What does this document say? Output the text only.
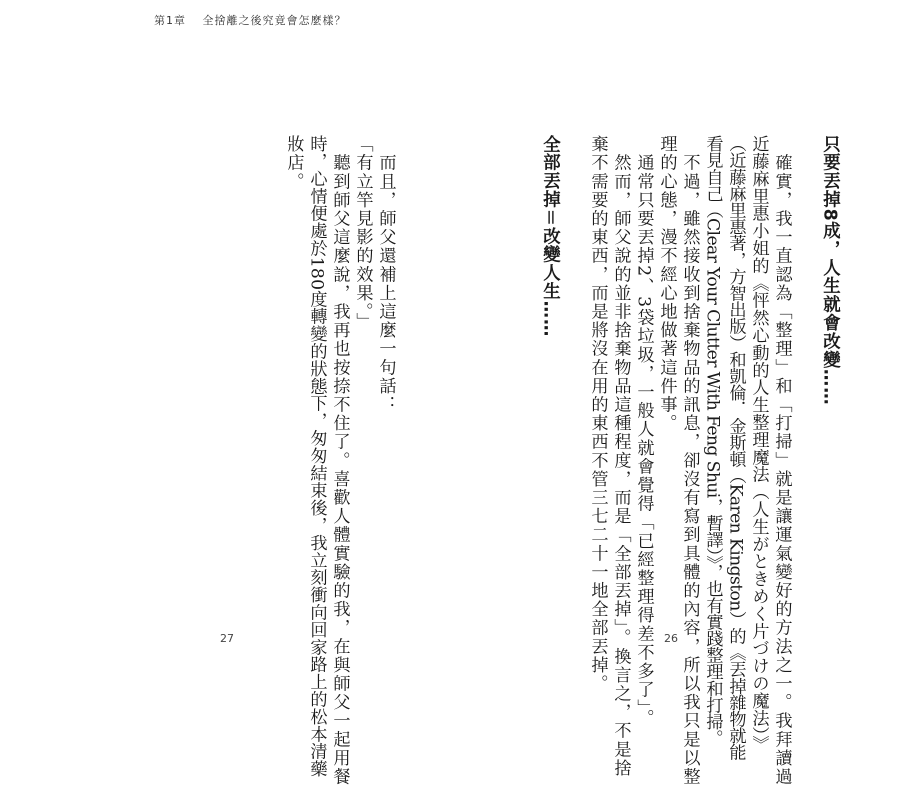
第1章 全捨離之後究竟會怎麼樣？
只要丟掉8成，人生就會改變……
　確實，我一直認為「整理」和「打掃」就是讓運氣變好的方法之一。我拜讀過
近藤麻里惠小姐的《怦然心動的人生整理魔法（人生がときめく片づけの魔法）》
（近藤麻里惠著，方智出版）和凱倫．金斯頓（Karen Kingston）的《丟掉雜物就能
看見自己（Clear Your Clutter With Feng Shui，暫譯）》，也有實踐整理和打掃。
　不過，雖然接收到捨棄物品的訊息，卻沒有寫到具體的內容，所以我只是以整
理的心態，漫不經心地做著這件事。
　通常只要丟掉2、3袋垃圾，一般人就會覺得「已經整理得差不多了」。
　然而，師父說的並非捨棄物品這種程度，而是「全部丟掉」。換言之，不是捨
棄不需要的東西，而是將沒在用的東西不管三七二十一地全部丟掉。
全部丟掉＝改變人生……
　而且，師父還補上這麼一句話：
「有立竿見影的效果。」
　聽到師父這麼說，我再也按捺不住了。喜歡人體實驗的我，在與師父一起用餐
時，心情便處於180度轉變的狀態下，匆匆結束後，我立刻衝向回家路上的松本清藥
妝店。
27	26
